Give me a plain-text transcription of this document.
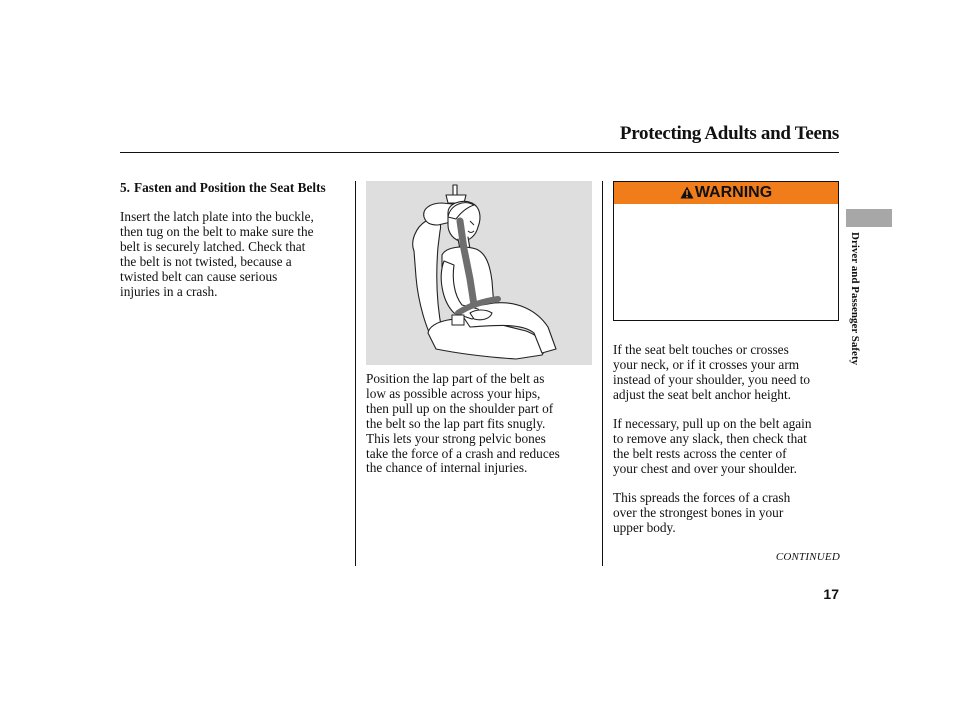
Protecting Adults and Teens
5. Fasten and Position the Seat Belts
Insert the latch plate into the buckle,
then tug on the belt to make sure the
belt is securely latched. Check that
the belt is not twisted, because a
twisted belt can cause serious
injuries in a crash.
Position the lap part of the belt as
low as possible across your hips,
then pull up on the shoulder part of
the belt so the lap part fits snugly.
This lets your strong pelvic bones
take the force of a crash and reduces
the chance of internal injuries.
WARNING
If the seat belt touches or crosses
your neck, or if it crosses your arm
instead of your shoulder, you need to
adjust the seat belt anchor height.
If necessary, pull up on the belt again
to remove any slack, then check that
the belt rests across the center of
your chest and over your shoulder.
This spreads the forces of a crash
over the strongest bones in your
upper body.
CONTINUED
17
Driver and Passenger Safety
